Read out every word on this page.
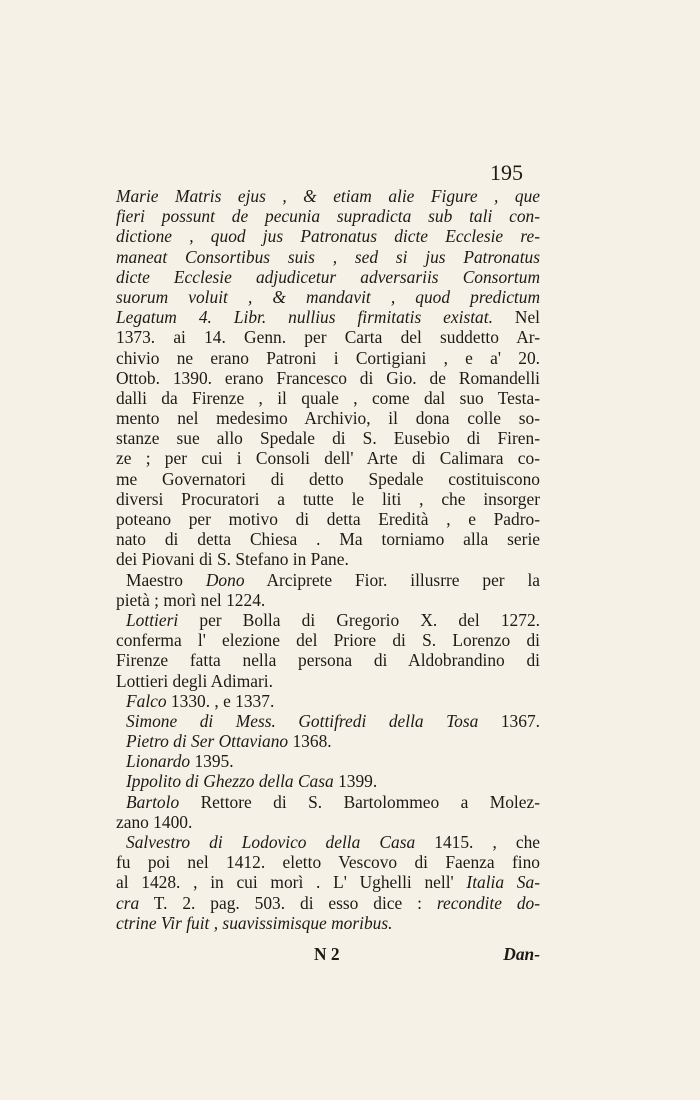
195
Marie Matris ejus , & etiam alie Figure , que
fieri possunt de pecunia supradicta sub tali con-
dictione , quod jus Patronatus dicte Ecclesie re-
maneat Consortibus suis , sed si jus Patronatus
dicte Ecclesie adjudicetur adversariis Consortum
suorum voluit , & mandavit , quod predictum
Legatum 4. Libr. nullius firmitatis existat. Nel
1373. ai 14. Genn. per Carta del suddetto Ar-
chivio ne erano Patroni i Cortigiani , e a' 20.
Ottob. 1390. erano Francesco di Gio. de Romandelli
dalli da Firenze , il quale , come dal suo Testa-
mento nel medesimo Archivio, il dona colle so-
stanze sue allo Spedale di S. Eusebio di Firen-
ze ; per cui i Consoli dell' Arte di Calimara co-
me Governatori di detto Spedale costituiscono
diversi Procuratori a tutte le liti , che insorger
poteano per motivo di detta Eredità , e Padro-
nato di detta Chiesa . Ma torniamo alla serie
dei Piovani di S. Stefano in Pane.
Maestro Dono Arciprete Fior. illusrre per la
pietà ; morì nel 1224.
Lottieri per Bolla di Gregorio X. del 1272.
conferma l' elezione del Priore di S. Lorenzo di
Firenze fatta nella persona di Aldobrandino di
Lottieri degli Adimari.
Falco 1330. , e 1337.
Simone di Mess. Gottifredi della Tosa 1367.
Pietro di Ser Ottaviano 1368.
Lionardo 1395.
Ippolito di Ghezzo della Casa 1399.
Bartolo Rettore di S. Bartolommeo a Molez-
zano 1400.
Salvestro di Lodovico della Casa 1415. , che
fu poi nel 1412. eletto Vescovo di Faenza fino
al 1428. , in cui morì . L' Ughelli nell' Italia Sa-
cra T. 2. pag. 503. di esso dice : recondite do-
ctrine Vir fuit , suavissimisque moribus.
N 2	Dan-
